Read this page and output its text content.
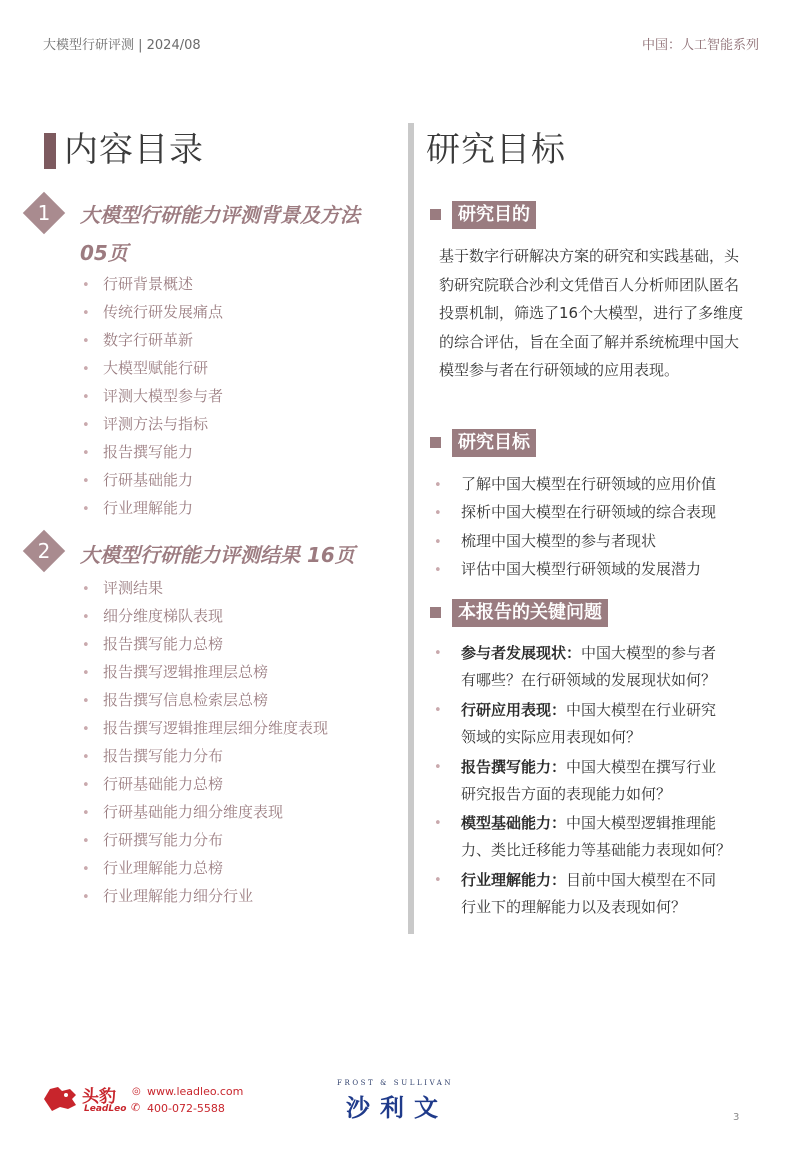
大模型行研评测 | 2024/08	中国：人工智能系列
内容目录
1	大模型行研能力评测背景及方法
05页
• 行研背景概述
• 传统行研发展痛点
• 数字行研革新
• 大模型赋能行研
• 评测大模型参与者
• 评测方法与指标
• 报告撰写能力
• 行研基础能力
• 行业理解能力
2	大模型行研能力评测结果 16页
• 评测结果
• 细分维度梯队表现
• 报告撰写能力总榜
• 报告撰写逻辑推理层总榜
• 报告撰写信息检索层总榜
• 报告撰写逻辑推理层细分维度表现
• 报告撰写能力分布
• 行研基础能力总榜
• 行研基础能力细分维度表现
• 行研撰写能力分布
• 行业理解能力总榜
• 行业理解能力细分行业
研究目标
研究目的

基于数字行研解决方案的研究和实践基础，头豹研究院联合沙利文凭借百人分析师团队匿名投票机制，筛选了16个大模型，进行了多维度的综合评估，旨在全面了解并系统梳理中国大模型参与者在行研领域的应用表现。

研究目标
• 了解中国大模型在行研领域的应用价值
• 探析中国大模型在行研领域的综合表现
• 梳理中国大模型的参与者现状
• 评估中国大模型行研领域的发展潜力
本报告的关键问题
• 参与者发展现状：中国大模型的参与者
有哪些？在行研领域的发展现状如何？
• 行研应用表现：中国大模型在行业研究
领域的实际应用表现如何？
• 报告撰写能力：中国大模型在撰写行业
研究报告方面的表现能力如何？
• 模型基础能力：中国大模型逻辑推理能
力、类比迁移能力等基础能力表现如何？
• 行业理解能力：目前中国大模型在不同
行业下的理解能力以及表现如何？
头豹
LeadLeo
◎ www.leadleo.com
✆ 400-072-5588
FROST & SULLIVAN
沙利文	3
